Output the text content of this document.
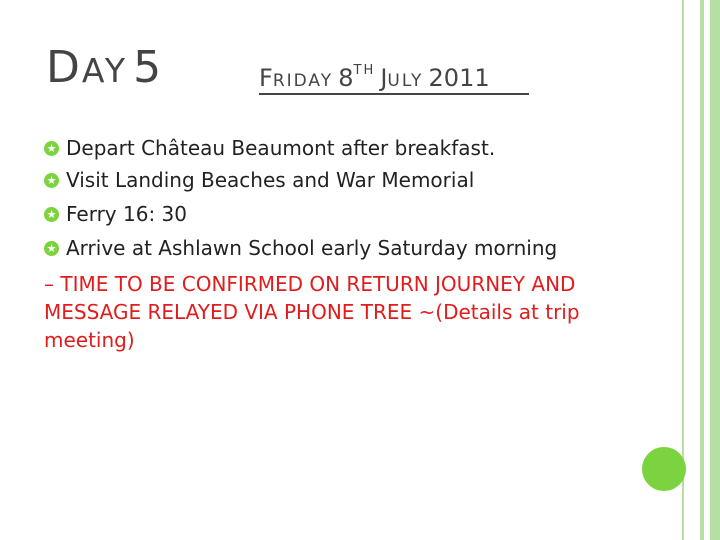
DAY 5	FRIDAY 8TH JULY 2011
★ Depart Château Beaumont after breakfast.
★ Visit Landing Beaches and War Memorial
★ Ferry 16: 30
★ Arrive at Ashlawn School early Saturday morning
– TIME TO BE CONFIRMED ON RETURN JOURNEY AND MESSAGE RELAYED VIA PHONE TREE ~(Details at trip meeting)
